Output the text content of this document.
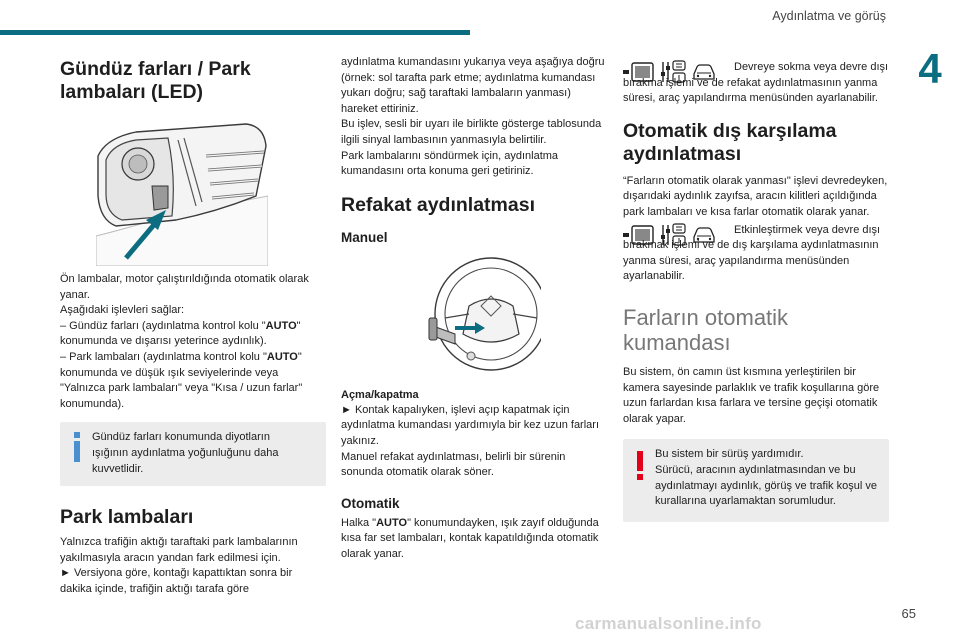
Aydınlatma ve görüş
4
Gündüz farları / Park lambaları (LED)

Ön lambalar, motor çalıştırıldığında otomatik olarak yanar.

Aşağıdaki işlevleri sağlar:

– Gündüz farları (aydınlatma kontrol kolu "AUTO" konumunda ve dışarısı yeterince aydınlık).

– Park lambaları (aydınlatma kontrol kolu "AUTO" konumunda ve düşük ışık seviyelerinde veya "Yalnızca park lambaları" veya "Kısa / uzun farlar" konumunda).

Gündüz farları konumunda diyotların

ışığının aydınlatma yoğunluğunu daha kuvvetlidir.

Park lambaları

Yalnızca trafiğin aktığı taraftaki park lambalarının yakılmasıyla aracın yandan fark edilmesi için.

► Versiyona göre, kontağı kapattıktan sonra bir dakika içinde, trafiğin aktığı tarafa göre

aydınlatma kumandasını yukarıya veya aşağıya doğru (örnek: sol tarafta park etme; aydınlatma kumandası yukarı doğru; sağ taraftaki lambaların yanması) hareket ettiriniz.

Bu işlev, sesli bir uyarı ile birlikte gösterge tablosunda ilgili sinyal lambasının yanmasıyla belirtilir.

Park lambalarını söndürmek için, aydınlatma kumandasını orta konuma geri getiriniz.

Refakat aydınlatması
Manuel

Açma/kapatma

► Kontak kapalıyken, işlevi açıp kapatmak için aydınlatma kumandası yardımıyla bir kez uzun farları yakınız.

Manuel refakat aydınlatması, belirli bir sürenin sonunda otomatik olarak söner.

Otomatik

Halka "AUTO" konumundayken, ışık zayıf olduğunda kısa far set lambaları, kontak kapatıldığında otomatik olarak yanar.

Devreye sokma veya devre dışı bırakma işlemi ve de refakat aydınlatmasının yanma süresi, araç yapılandırma menüsünden ayarlanabilir.

Otomatik dış karşılama aydınlatması

“Farların otomatik olarak yanması" işlevi devredeyken, dışarıdaki aydınlık zayıfsa, aracın kilitleri açıldığında park lambaları ve kısa farlar otomatik olarak yanar.

Etkinleştirmek veya devre dışı bırakmak işlemi ve de dış karşılama aydınlatmasının yanma süresi, araç yapılandırma menüsünden ayarlanabilir.

Farların otomatik kumandası

Bu sistem, ön camın üst kısmına yerleştirilen bir kamera sayesinde parlaklık ve trafik koşullarına göre uzun farlardan kısa farlara ve tersine geçişi otomatik olarak yapar.

Bu sistem bir sürüş yardımıdır.
Sürücü, aracının aydınlatmasından ve bu aydınlatmayı aydınlık, görüş ve trafik koşul ve kurallarına uyarlamaktan sorumludur.

65
carmanualsonline.info
